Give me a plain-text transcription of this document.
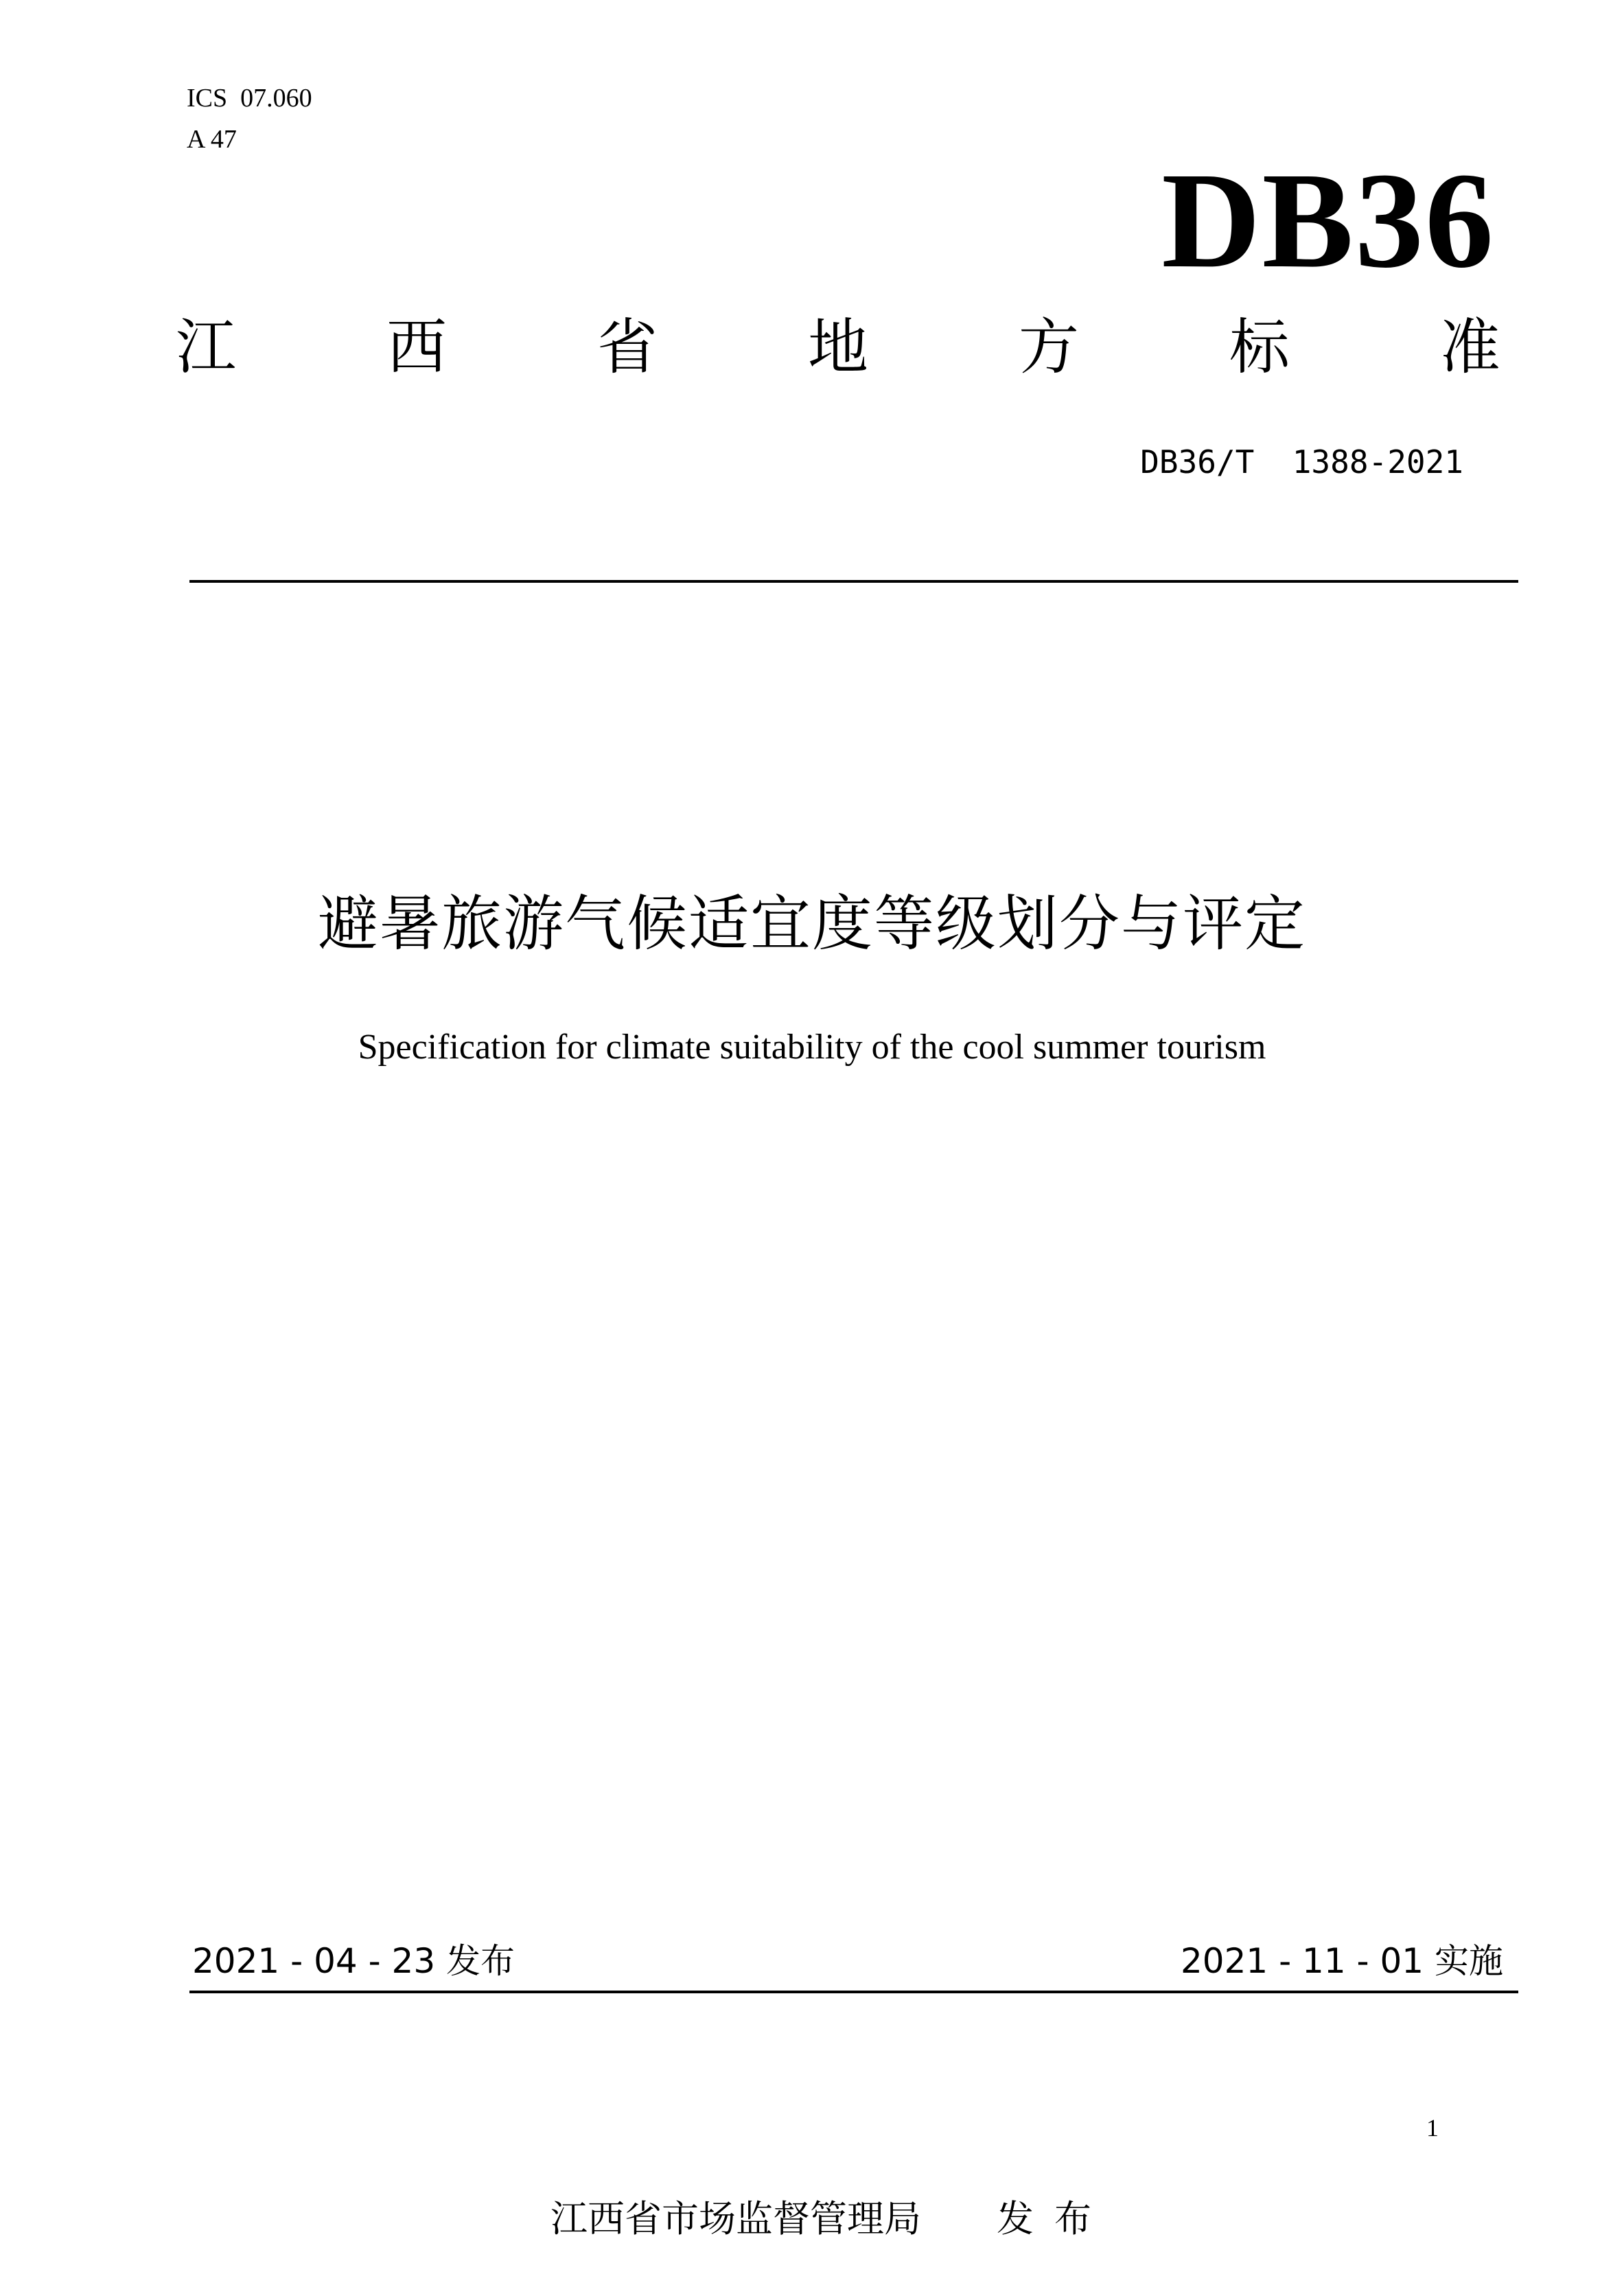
ICS  07.060
A 47
DB36
江 西 省 地 方 标 准
DB36/T  1388-2021
避暑旅游气候适宜度等级划分与评定
Specification for climate suitability of the cool summer tourism
2021 - 04 - 23 发布	2021 - 11 - 01 实施
1
江西省市场监督管理局 发布
